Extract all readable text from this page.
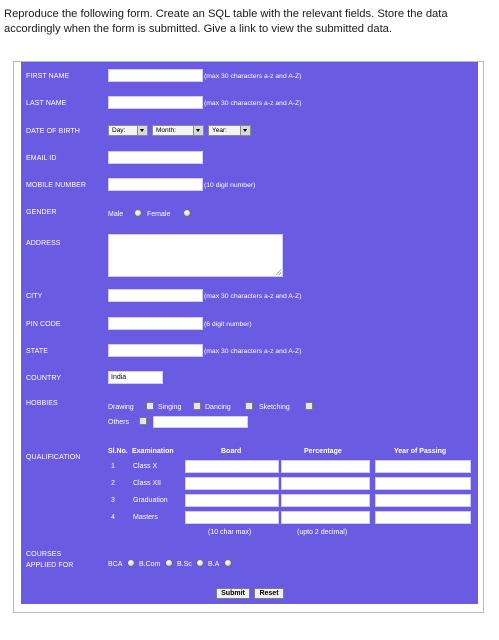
Reproduce the following form. Create an SQL table with the relevant fields. Store the data accordingly when the form is submitted. Give a link to view the submitted data.
FIRST NAME	(max 30 characters a-z and A-Z)
LAST NAME	(max 30 characters a-z and A-Z)
DATE OF BIRTH	Day:	Month:	Year:
EMAIL ID
MOBILE NUMBER	(10 digit number)
GENDER	Male	Female
ADDRESS
CITY	(max 30 characters a-z and A-Z)
PIN CODE	(6 digit number)
STATE	(max 30 characters a-z and A-Z)
COUNTRY	India
HOBBIES
Drawing	Singing	Dancing	Sketching
Others
QUALIFICATION
Sl.No. Examination	Board	Percentage	Year of Passing
1	Class X
2	Class XII
3	Graduation
4	Masters
(10 char max)	(upto 2 decimal)
COURSES
APPLIED FOR	BCA B.Com B.Sc B.A
Submit	Reset
